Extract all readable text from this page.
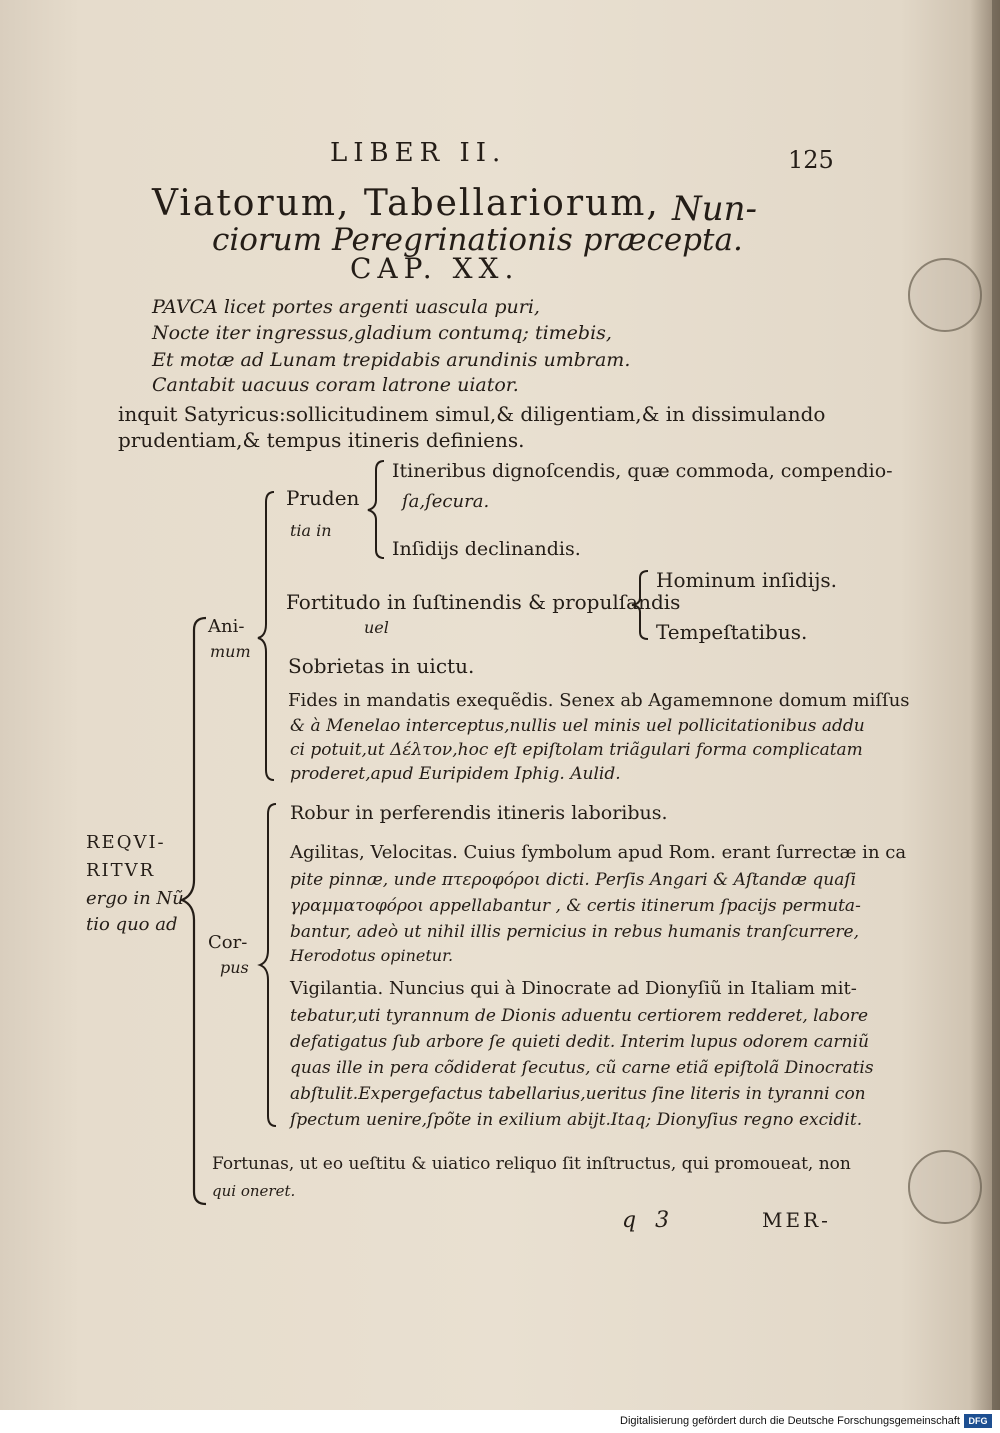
LIBER II.	125
Viatorum, Tabellariorum, Nun-
ciorum Peregrinationis præcepta.
CAP. XX.
PAVCA licet portes argenti uascula puri,
Nocte iter ingressus,gladium contumq; timebis,
Et motæ ad Lunam trepidabis arundinis umbram.
Cantabit uacuus coram latrone uiator.
inquit Satyricus:sollicitudinem simul,& diligentiam,& in dissimulando
prudentiam,& tempus itineris definiens.
REQVI-
RITVR
ergo in Nũ
tio quo ad
Ani-
mum
Pruden
tia in
Itineribus dignoſcendis, quæ commoda, compendio-
ſa,ſecura.
Inſidijs declinandis.
Fortitudo in ſuſtinendis & propulſandis
uel
Hominum inſidijs.
Tempeſtatibus.
Sobrietas in uictu.
Fides in mandatis exequẽdis. Senex ab Agamemnone domum miſſus
& à Menelao interceptus,nullis uel minis uel pollicitationibus addu
ci potuit,ut Δέλτον,hoc eſt epiſtolam triãgulari forma complicatam
proderet,apud Euripidem Iphig. Aulid.
Cor-
pus
Robur in perferendis itineris laboribus.
Agilitas, Velocitas. Cuius ſymbolum apud Rom. erant ſurrectæ in ca
pite pinnæ, unde πτεροφόροι dicti. Perſis Angari & Aſtandæ quaſi
γραμματοφόροι appellabantur , & certis itinerum ſpacijs permuta-
bantur, adeò ut nihil illis pernicius in rebus humanis tranſcurrere,
Herodotus opinetur.
Vigilantia. Nuncius qui à Dinocrate ad Dionyſiũ in Italiam mit-
tebatur,uti tyrannum de Dionis aduentu certiorem redderet, labore
defatigatus ſub arbore ſe quieti dedit. Interim lupus odorem carniũ
quas ille in pera cõdiderat ſecutus, cũ carne etiã epiſtolã Dinocratis
abſtulit.Expergefactus tabellarius,ueritus ſine literis in tyranni con
ſpectum uenire,ſpõte in exilium abijt.Itaq; Dionyſius regno excidit.
Fortunas, ut eo ueſtitu & uiatico reliquo ſit inſtructus, qui promoueat, non
qui oneret.
q 3	MER-
Digitalisierung gefördert durch die Deutsche Forschungsgemeinschaft DFG
